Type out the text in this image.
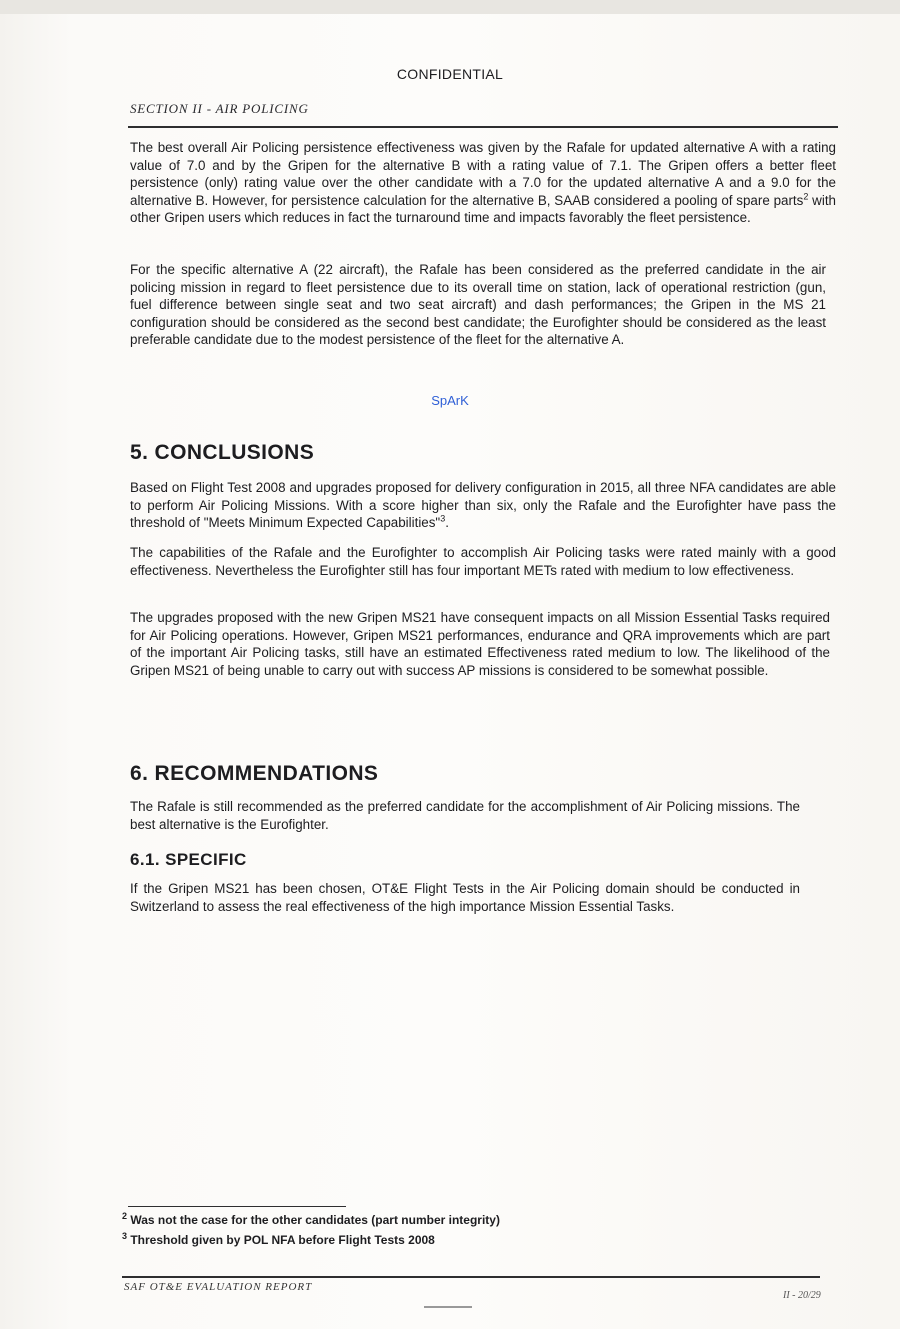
CONFIDENTIAL
SECTION II - AIR POLICING
The best overall Air Policing persistence effectiveness was given by the Rafale for updated alternative A with a rating value of 7.0 and by the Gripen for the alternative B with a rating value of 7.1. The Gripen offers a better fleet persistence (only) rating value over the other candidate with a 7.0 for the updated alternative A and a 9.0 for the alternative B. However, for persistence calculation for the alternative B, SAAB considered a pooling of spare parts$^2$ with other Gripen users which reduces in fact the turnaround time and impacts favorably the fleet persistence.
For the specific alternative A (22 aircraft), the Rafale has been considered as the preferred candidate in the air policing mission in regard to fleet persistence due to its overall time on station, lack of operational restriction (gun, fuel difference between single seat and two seat aircraft) and dash performances; the Gripen in the MS 21 configuration should be considered as the second best candidate; the Eurofighter should be considered as the least preferable candidate due to the modest persistence of the fleet for the alternative A.
SpArK
5. CONCLUSIONS
Based on Flight Test 2008 and upgrades proposed for delivery configuration in 2015, all three NFA candidates are able to perform Air Policing Missions. With a score higher than six, only the Rafale and the Eurofighter have pass the threshold of "Meets Minimum Expected Capabilities"$^3$.
The capabilities of the Rafale and the Eurofighter to accomplish Air Policing tasks were rated mainly with a good effectiveness. Nevertheless the Eurofighter still has four important METs rated with medium to low effectiveness.
The upgrades proposed with the new Gripen MS21 have consequent impacts on all Mission Essential Tasks required for Air Policing operations. However, Gripen MS21 performances, endurance and QRA improvements which are part of the important Air Policing tasks, still have an estimated Effectiveness rated medium to low. The likelihood of the Gripen MS21 of being unable to carry out with success AP missions is considered to be somewhat possible.
6. RECOMMENDATIONS
The Rafale is still recommended as the preferred candidate for the accomplishment of Air Policing missions. The best alternative is the Eurofighter.
6.1. SPECIFIC
If the Gripen MS21 has been chosen, OT&E Flight Tests in the Air Policing domain should be conducted in Switzerland to assess the real effectiveness of the high importance Mission Essential Tasks.
$^2$ Was not the case for the other candidates (part number integrity)
$^3$ Threshold given by POL NFA before Flight Tests 2008
SAF OT&E EVALUATION REPORT
II - 20/29
